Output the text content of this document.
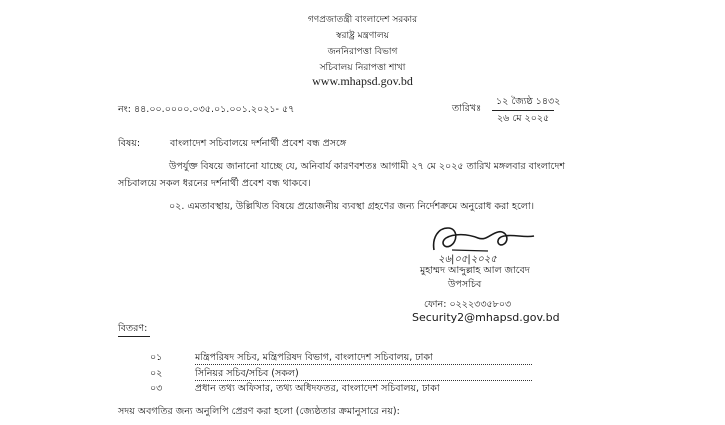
গণপ্রজাতন্ত্রী বাংলাদেশ সরকার
স্বরাষ্ট্র মন্ত্রণালয়
জননিরাপত্তা বিভাগ
সচিবালয় নিরাপত্তা শাখা
www.mhapsd.gov.bd
নং: ৪৪.০০.০০০০.০৩৫.০১.০০১.২০২১- ৫৭	তারিখঃ
১২ জ্যৈষ্ঠ ১৪৩২
২৬ মে ২০২৫
বিষয়:	বাংলাদেশ সচিবালয়ে দর্শনার্থী প্রবেশ বন্ধ প্রসঙ্গে
উপর্যুক্ত বিষয়ে জানানো যাচ্ছে যে, অনিবার্য কারণবশতঃ আগামী ২৭ মে ২০২৫ তারিখ মঙ্গলবার বাংলাদেশ
সচিবালয়ে সকল ধরনের দর্শনার্থী প্রবেশ বন্ধ থাকবে।
০২. এমতাবস্থায়, উল্লিখিত বিষয়ে প্রয়োজনীয় ব্যবস্থা গ্রহণের জন্য নির্দেশক্রমে অনুরোধ করা হলো।
২৬|০৫|২০২৫
মুহাম্মদ আব্দুল্লাহ আল জাবেদ
উপসচিব
ফোন: ০২২২৩৩৫৮০৩
Security2@mhapsd.gov.bd
বিতরণ:
০১	মন্ত্রিপরিষদ সচিব, মন্ত্রিপরিষদ বিভাগ, বাংলাদেশ সচিবালয়, ঢাকা
০২	সিনিয়র সচিব/সচিব (সকল)
০৩	প্রধান তথ্য অফিসার, তথ্য অধিদফতর, বাংলাদেশ সচিবালয়, ঢাকা
সদয় অবগতির জন্য অনুলিপি প্রেরণ করা হলো (জ্যেষ্ঠতার ক্রমানুসারে নয়):
